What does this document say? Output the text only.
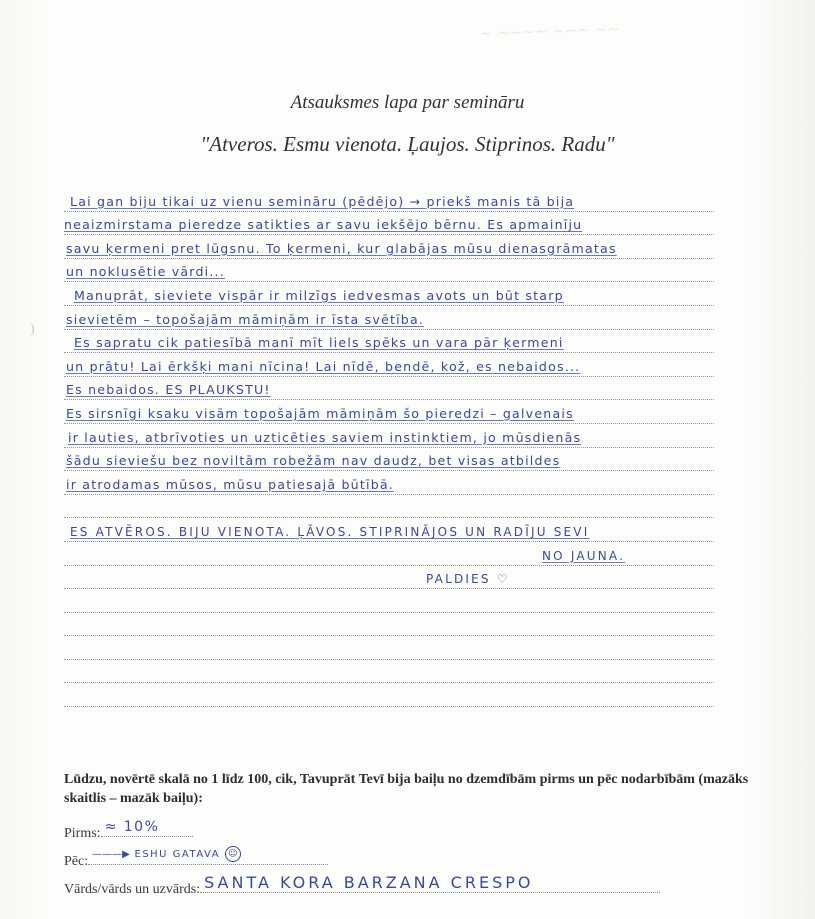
~ ~~~~ ~~~ ~~
Atsauksmes lapa par semināru
"Atveros. Esmu vienota. Ļaujos. Stiprinos. Radu"
)
Lai gan biju tikai uz vienu semināru (pēdējo) → priekš manis tā bija
neaizmirstama pieredze satikties ar savu iekšējo bērnu. Es apmainīju
savu ķermeni pret lūgsnu. To ķermeni, kur glabājas mūsu dienasgrāmatas
un noklusētie vārdi...
Manuprāt, sieviete vispār ir milzīgs iedvesmas avots un būt starp
sievietēm – topošajām māmiņām ir īsta svētība.
Es sapratu cik patiesībā manī mīt liels spēks un vara pār ķermeni
un prātu! Lai ērkšķi mani nīcina! Lai nīdē, bendē, kož, es nebaidos...
Es nebaidos. ES PLAUKSTU!
Es sirsnīgi ksaku visām topošajām māmiņām šo pieredzi – galvenais
ir lauties, atbrīvoties un uzticēties saviem instinktiem, jo mūsdienās
šādu sieviešu bez noviltām robežām nav daudz, bet visas atbildes
ir atrodamas mūsos, mūsu patiesajā būtībā.
ES ATVĒROS. BIJU VIENOTA. ĻĀVOS. STIPRINĀJOS UN RADĪJU SEVI
NO JAUNA.
PALDIES ♡
Lūdzu, novērtē skalā no 1 līdz 100, cik, Tavuprāt Tevī bija baiļu no dzemdībām pirms un pēc nodarbībām (mazāks skaitlis – mazāk baiļu):
Pirms: ≈ 10%
Pēc: ———▶ ESHU GATAVA ☺
Vārds/vārds un uzvārds: SANTA KORA BARZANA CRESPO
